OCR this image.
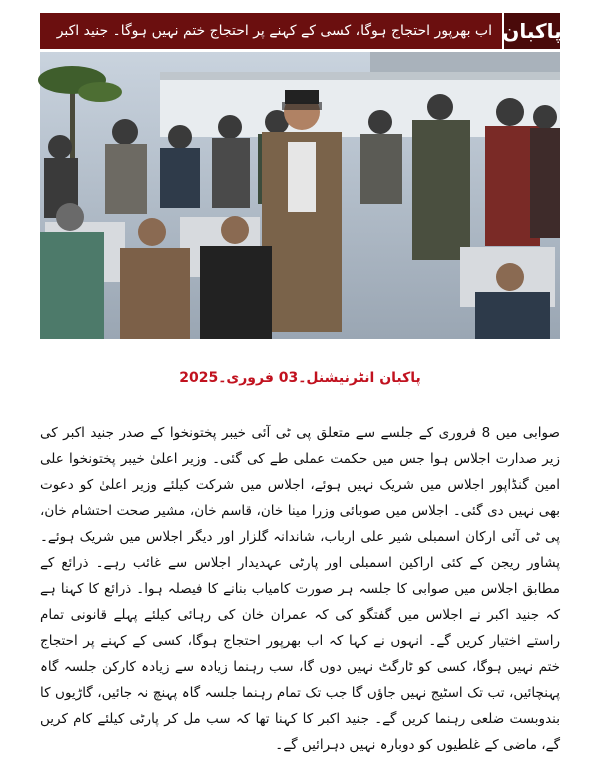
پاکبان
اب بھرپور احتجاج ہوگا، کسی کے کہنے پر احتجاج ختم نہیں ہوگا۔ جنید اکبر
پاکبان انٹرنیشنل۔03 فروری۔2025

صوابی میں 8 فروری کے جلسے سے متعلق پی ٹی آئی خیبر پختونخوا کے صدر جنید اکبر کی زیر صدارت اجلاس ہوا جس میں حکمت عملی طے کی گئی۔ وزیر اعلیٰ خیبر پختونخوا علی امین گنڈاپور اجلاس میں شریک نہیں ہوئے، اجلاس میں شرکت کیلئے وزیر اعلیٰ کو دعوت بھی نہیں دی گئی۔ اجلاس میں صوبائی وزرا مینا خان، قاسم خان، مشیر صحت احتشام خان، پی ٹی آئی ارکان اسمبلی شیر علی ارباب، شاندانہ گلزار اور دیگر اجلاس میں شریک ہوئے۔ پشاور ریجن کے کئی اراکین اسمبلی اور پارٹی عہدیدار اجلاس سے غائب رہے۔ ذرائع کے مطابق اجلاس میں صوابی کا جلسہ ہر صورت کامیاب بنانے کا فیصلہ ہوا۔ ذرائع کا کہنا ہے کہ جنید اکبر نے اجلاس میں گفتگو کی کہ عمران خان کی رہائی کیلئے پہلے قانونی تمام راستے اختیار کریں گے۔ انہوں نے کہا کہ اب بھرپور احتجاج ہوگا، کسی کے کہنے پر احتجاج ختم نہیں ہوگا، کسی کو ٹارگٹ نہیں دوں گا، سب رہنما زیادہ سے زیادہ کارکن جلسہ گاہ پہنچائیں، تب تک اسٹیج نہیں جاؤں گا جب تک تمام رہنما جلسہ گاہ پہنچ نہ جائیں، گاڑیوں کا بندوبست ضلعی رہنما کریں گے۔ جنید اکبر کا کہنا تھا کہ سب مل کر پارٹی کیلئے کام کریں گے، ماضی کے غلطیوں کو دوبارہ نہیں دہرائیں گے۔
